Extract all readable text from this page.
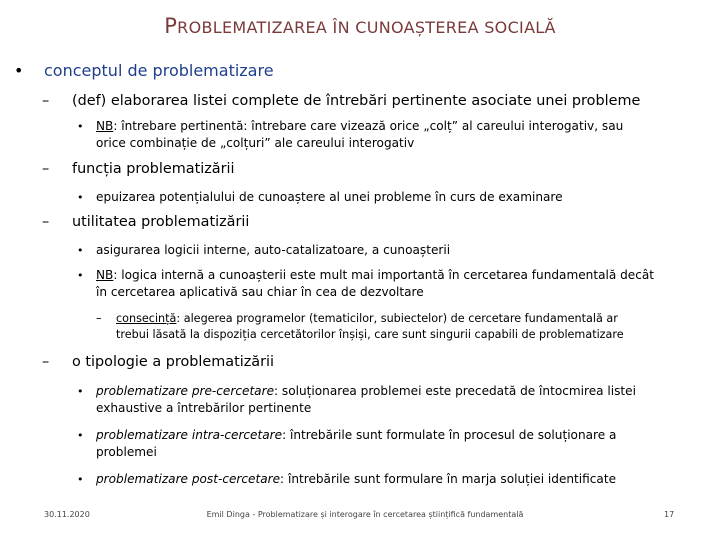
PROBLEMATIZAREA ÎN CUNOAȘTEREA SOCIALĂ
• conceptul de problematizare
– (def) elaborarea listei complete de întrebări pertinente asociate unei probleme
• NB: întrebare pertinentă: întrebare care vizează orice „colț” al careului interogativ, sau
orice combinație de „colțuri” ale careului interogativ
– funcția problematizării
• epuizarea potențialului de cunoaștere al unei probleme în curs de examinare
– utilitatea problematizării
• asigurarea logicii interne, auto-catalizatoare, a cunoașterii
• NB: logica internă a cunoașterii este mult mai importantă în cercetarea fundamentală decât
în cercetarea aplicativă sau chiar în cea de dezvoltare
– consecință: alegerea programelor (tematicilor, subiectelor) de cercetare fundamentală ar
trebui lăsată la dispoziția cercetătorilor înșiși, care sunt singurii capabili de problematizare
– o tipologie a problematizării
• problematizare pre-cercetare: soluționarea problemei este precedată de întocmirea listei
exhaustive a întrebărilor pertinente
• problematizare intra-cercetare: întrebările sunt formulate în procesul de soluționare a
problemei
• problematizare post-cercetare: întrebările sunt formulare în marja soluției identificate
30.11.2020	Emil Dinga - Problematizare și interogare în cercetarea științifică fundamentală	17
